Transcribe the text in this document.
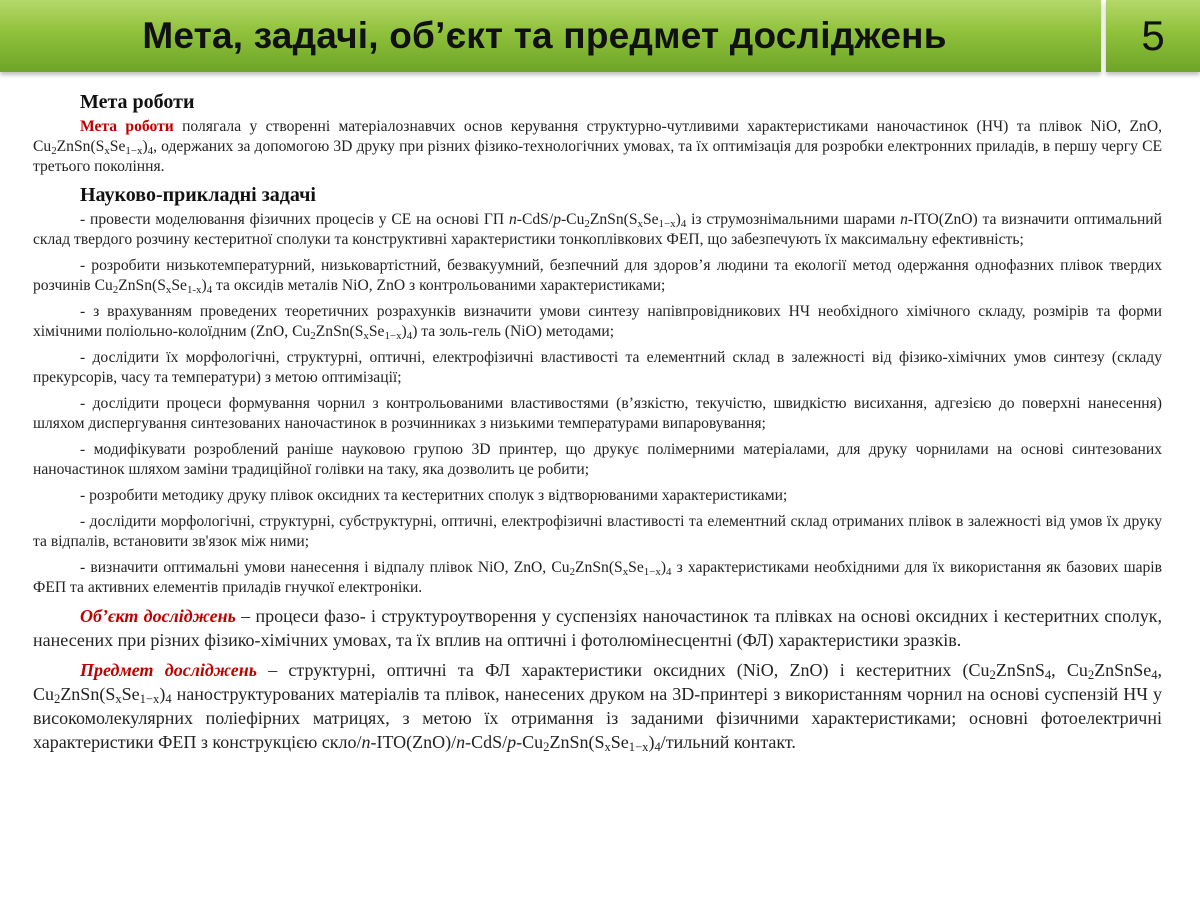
Мета, задачі, об’єкт та предмет досліджень	5
Мета роботи

Мета роботи полягала у створенні матеріалознавчих основ керування структурно-чутливими характеристиками наночастинок (НЧ) та плівок NiO, ZnO, $Cu_2ZnSn(S_xSe_{1-x})_4$, одержаних за допомогою 3D друку при різних фізико-технологічних умовах, та їх оптимізація для розробки електронних приладів, в першу чергу СЕ третього покоління.

Науково-прикладні задачі

- провести моделювання фізичних процесів у СЕ на основі ГП $n-CdS/p-Cu_2ZnSn(S_xSe_{1-x})_4$ із струмознімальними шарами n-ITO(ZnO) та визначити оптимальний склад твердого розчину кестеритної сполуки та конструктивні характеристики тонкоплівкових ФЕП, що забезпечують їх максимальну ефективність;

- розробити низькотемпературний, низьковартістний, безвакуумний, безпечний для здоров’я людини та екології метод одержання однофазних плівок твердих розчинів $Cu_2ZnSn(S_xSe_{1-x})_4$ та оксидів металів NiO, ZnO з контрольованими характеристиками;

- з врахуванням проведених теоретичних розрахунків визначити умови синтезу напівпровідникових НЧ необхідного хімічного складу, розмірів та форми хімічними поліольно-колоїдним (ZnO, $Cu_2ZnSn(S_xSe_{1-x})_4$) та золь-гель (NiO) методами;

- дослідити їх морфологічні, структурні, оптичні, електрофізичні властивості та елементний склад в залежності від фізико-хімічних умов синтезу (складу прекурсорів, часу та температури) з метою оптимізації;

- дослідити процеси формування чорнил з контрольованими властивостями (в’язкістю, текучістю, швидкістю висихання, адгезією до поверхні нанесення) шляхом диспергування синтезованих наночастинок в розчинниках з низькими температурами випаровування;

- модифікувати розроблений раніше науковою групою 3D принтер, що друкує полімерними матеріалами, для друку чорнилами на основі синтезованих наночастинок шляхом заміни традиційної голівки на таку, яка дозволить це робити;

- розробити методику друку плівок оксидних та кестеритних сполук з відтворюваними характеристиками;

- дослідити морфологічні, структурні, субструктурні, оптичні, електрофізичні властивості та елементний склад отриманих плівок в залежності від умов їх друку та відпалів, встановити зв'язок між ними;

- визначити оптимальні умови нанесення і відпалу плівок NiO, ZnO, $Cu_2ZnSn(S_xSe_{1-x})_4$ з характеристиками необхідними для їх використання як базових шарів ФЕП та активних елементів приладів гнучкої електроніки.

Об’єкт досліджень – процеси фазо- і структуроутворення у суспензіях наночастинок та плівках на основі оксидних і кестеритних сполук, нанесених при різних фізико-хімічних умовах, та їх вплив на оптичні і фотолюмінесцентні (ФЛ) характеристики зразків.

Предмет досліджень – структурні, оптичні та ФЛ характеристики оксидних (NiO, ZnO) і кестеритних ($Cu_2ZnSnS_4$, $Cu_2ZnSnSe_4$, $Cu_2ZnSn(S_xSe_{1-x})_4$ наноструктурованих матеріалів та плівок, нанесених друком на 3D-принтері з використанням чорнил на основі суспензій НЧ у високомолекулярних поліефірних матрицях, з метою їх отримання із заданими фізичними характеристиками; основні фотоелектричні характеристики ФЕП з конструкцією скло/$n-ITO(ZnO)/n-CdS/p-Cu_2ZnSn(S_xSe_{1-x})_4$/тильний контакт.
